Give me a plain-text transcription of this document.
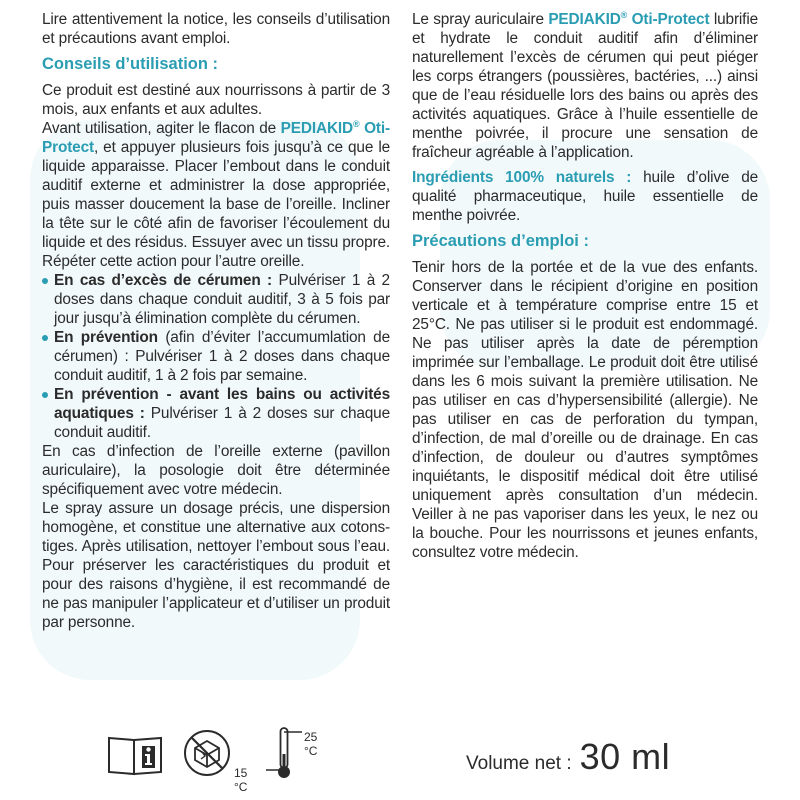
Lire attentivement la notice, les conseils d’utilisation et précautions avant emploi.

Conseils d’utilisation :

Ce produit est destiné aux nourrissons à partir de 3 mois, aux enfants et aux adultes.

Avant utilisation, agiter le flacon de PEDIAKID® Oti-Protect, et appuyer plusieurs fois jusqu’à ce que le liquide apparaisse. Placer l’embout dans le conduit auditif externe et administrer la dose appropriée, puis masser doucement la base de l’oreille. Incliner la tête sur le côté afin de favoriser l’écoulement du liquide et des résidus. Essuyer avec un tissu propre. Répéter cette action pour l’autre oreille.

En cas d’excès de cérumen : Pulvériser 1 à 2 doses dans chaque conduit auditif, 3 à 5 fois par jour jusqu’à élimination complète du cérumen.
En prévention (afin d’éviter l’accumumlation de cérumen) : Pulvériser 1 à 2 doses dans chaque conduit auditif, 1 à 2 fois par semaine.
En prévention - avant les bains ou activités aquatiques : Pulvériser 1 à 2 doses sur chaque conduit auditif.

En cas d’infection de l’oreille externe (pavillon auriculaire), la posologie doit être déterminée spécifiquement avec votre médecin.

Le spray assure un dosage précis, une dispersion homogène, et constitue une alternative aux cotons-tiges. Après utilisation, nettoyer l’embout sous l’eau. Pour préserver les caractéristiques du produit et pour des raisons d’hygiène, il est recommandé de ne pas manipuler l’applicateur et d’utiliser un produit par personne.

Le spray auriculaire PEDIAKID® Oti-Protect lubrifie et hydrate le conduit auditif afin d’éliminer naturellement l’excès de cérumen qui peut piéger les corps étrangers (poussières, bactéries, ...) ainsi que de l’eau résiduelle lors des bains ou après des activités aquatiques. Grâce à l’huile essentielle de menthe poivrée, il procure une sensation de fraîcheur agréable à l’application.

Ingrédients 100% naturels : huile d’olive de qualité pharmaceutique, huile essentielle de menthe poivrée.

Précautions d’emploi :

Tenir hors de la portée et de la vue des enfants. Conserver dans le récipient d’origine en position verticale et à température comprise entre 15 et 25°C. Ne pas utiliser si le produit est endommagé. Ne pas utiliser après la date de péremption imprimée sur l’emballage. Le produit doit être utilisé dans les 6 mois suivant la première utilisation. Ne pas utiliser en cas d’hypersensibilité (allergie). Ne pas utiliser en cas de perforation du tympan, d’infection, de mal d’oreille ou de drainage. En cas d’infection, de douleur ou d’autres symptômes inquiétants, le dispositif médical doit être utilisé uniquement après consultation d’un médecin. Veiller à ne pas vaporiser dans les yeux, le nez ou la bouche. Pour les nourrissons et jeunes enfants, consultez votre médecin.

25 °C
15 °C
Volume net : 30 ml
